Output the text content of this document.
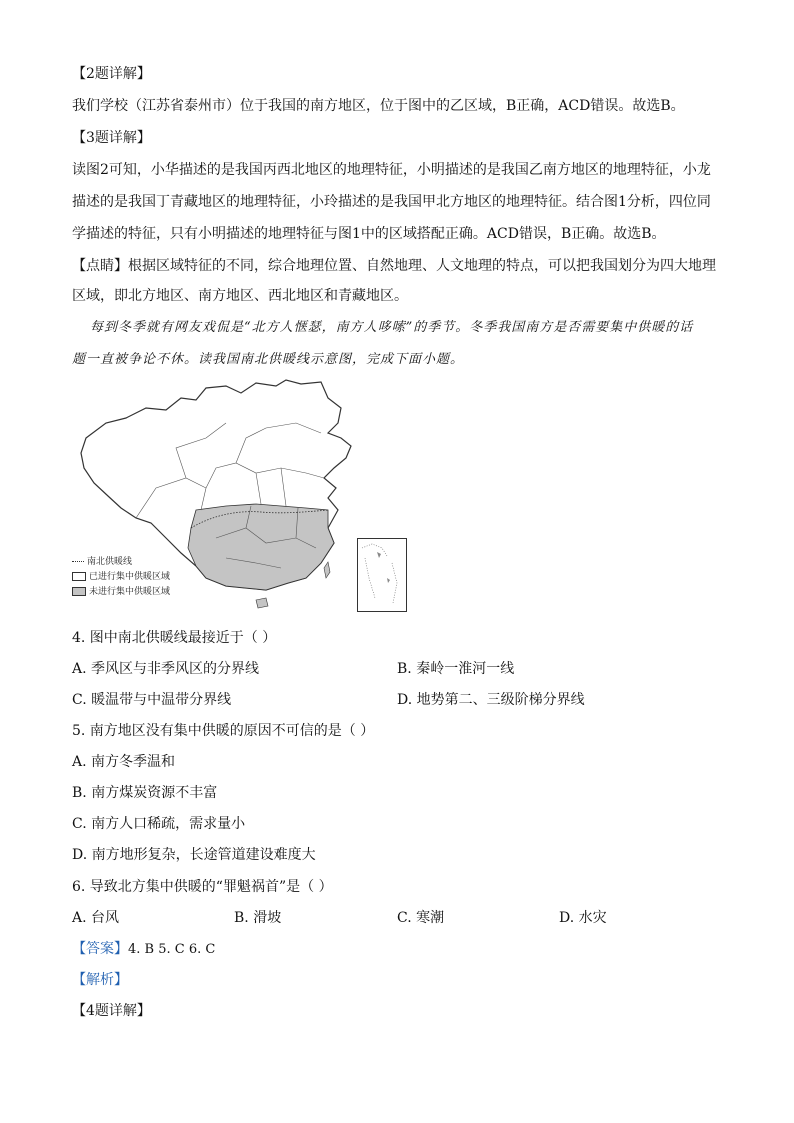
【2题详解】
我们学校（江苏省泰州市）位于我国的南方地区，位于图中的乙区域，B正确，ACD错误。故选B。
【3题详解】
读图2可知，小华描述的是我国丙西北地区的地理特征，小明描述的是我国乙南方地区的地理特征，小龙
描述的是我国丁青藏地区的地理特征，小玲描述的是我国甲北方地区的地理特征。结合图1分析，四位同
学描述的特征，只有小明描述的地理特征与图1中的区域搭配正确。ACD错误，B正确。故选B。
【点睛】根据区域特征的不同，综合地理位置、自然地理、人文地理的特点，可以把我国划分为四大地理
区域，即北方地区、南方地区、西北地区和青藏地区。
每到冬季就有网友戏侃是“北方人惬瑟，南方人哆嗦”的季节。冬季我国南方是否需要集中供暖的话
题一直被争论不休。读我国南北供暖线示意图，完成下面小题。
南北供暖线
已进行集中供暖区域
未进行集中供暖区域
4. 图中南北供暖线最接近于（ ）
A. 季风区与非季风区的分界线	B. 秦岭一淮河一线
C. 暖温带与中温带分界线	D. 地势第二、三级阶梯分界线
5. 南方地区没有集中供暖的原因不可信的是（ ）
A. 南方冬季温和
B. 南方煤炭资源不丰富
C. 南方人口稀疏，需求量小
D. 南方地形复杂，长途管道建设难度大
6. 导致北方集中供暖的“罪魁祸首”是（ ）
A. 台风	B. 滑坡	C. 寒潮	D. 水灾
【答案】4. B 5. C 6. C
【解析】
【4题详解】
